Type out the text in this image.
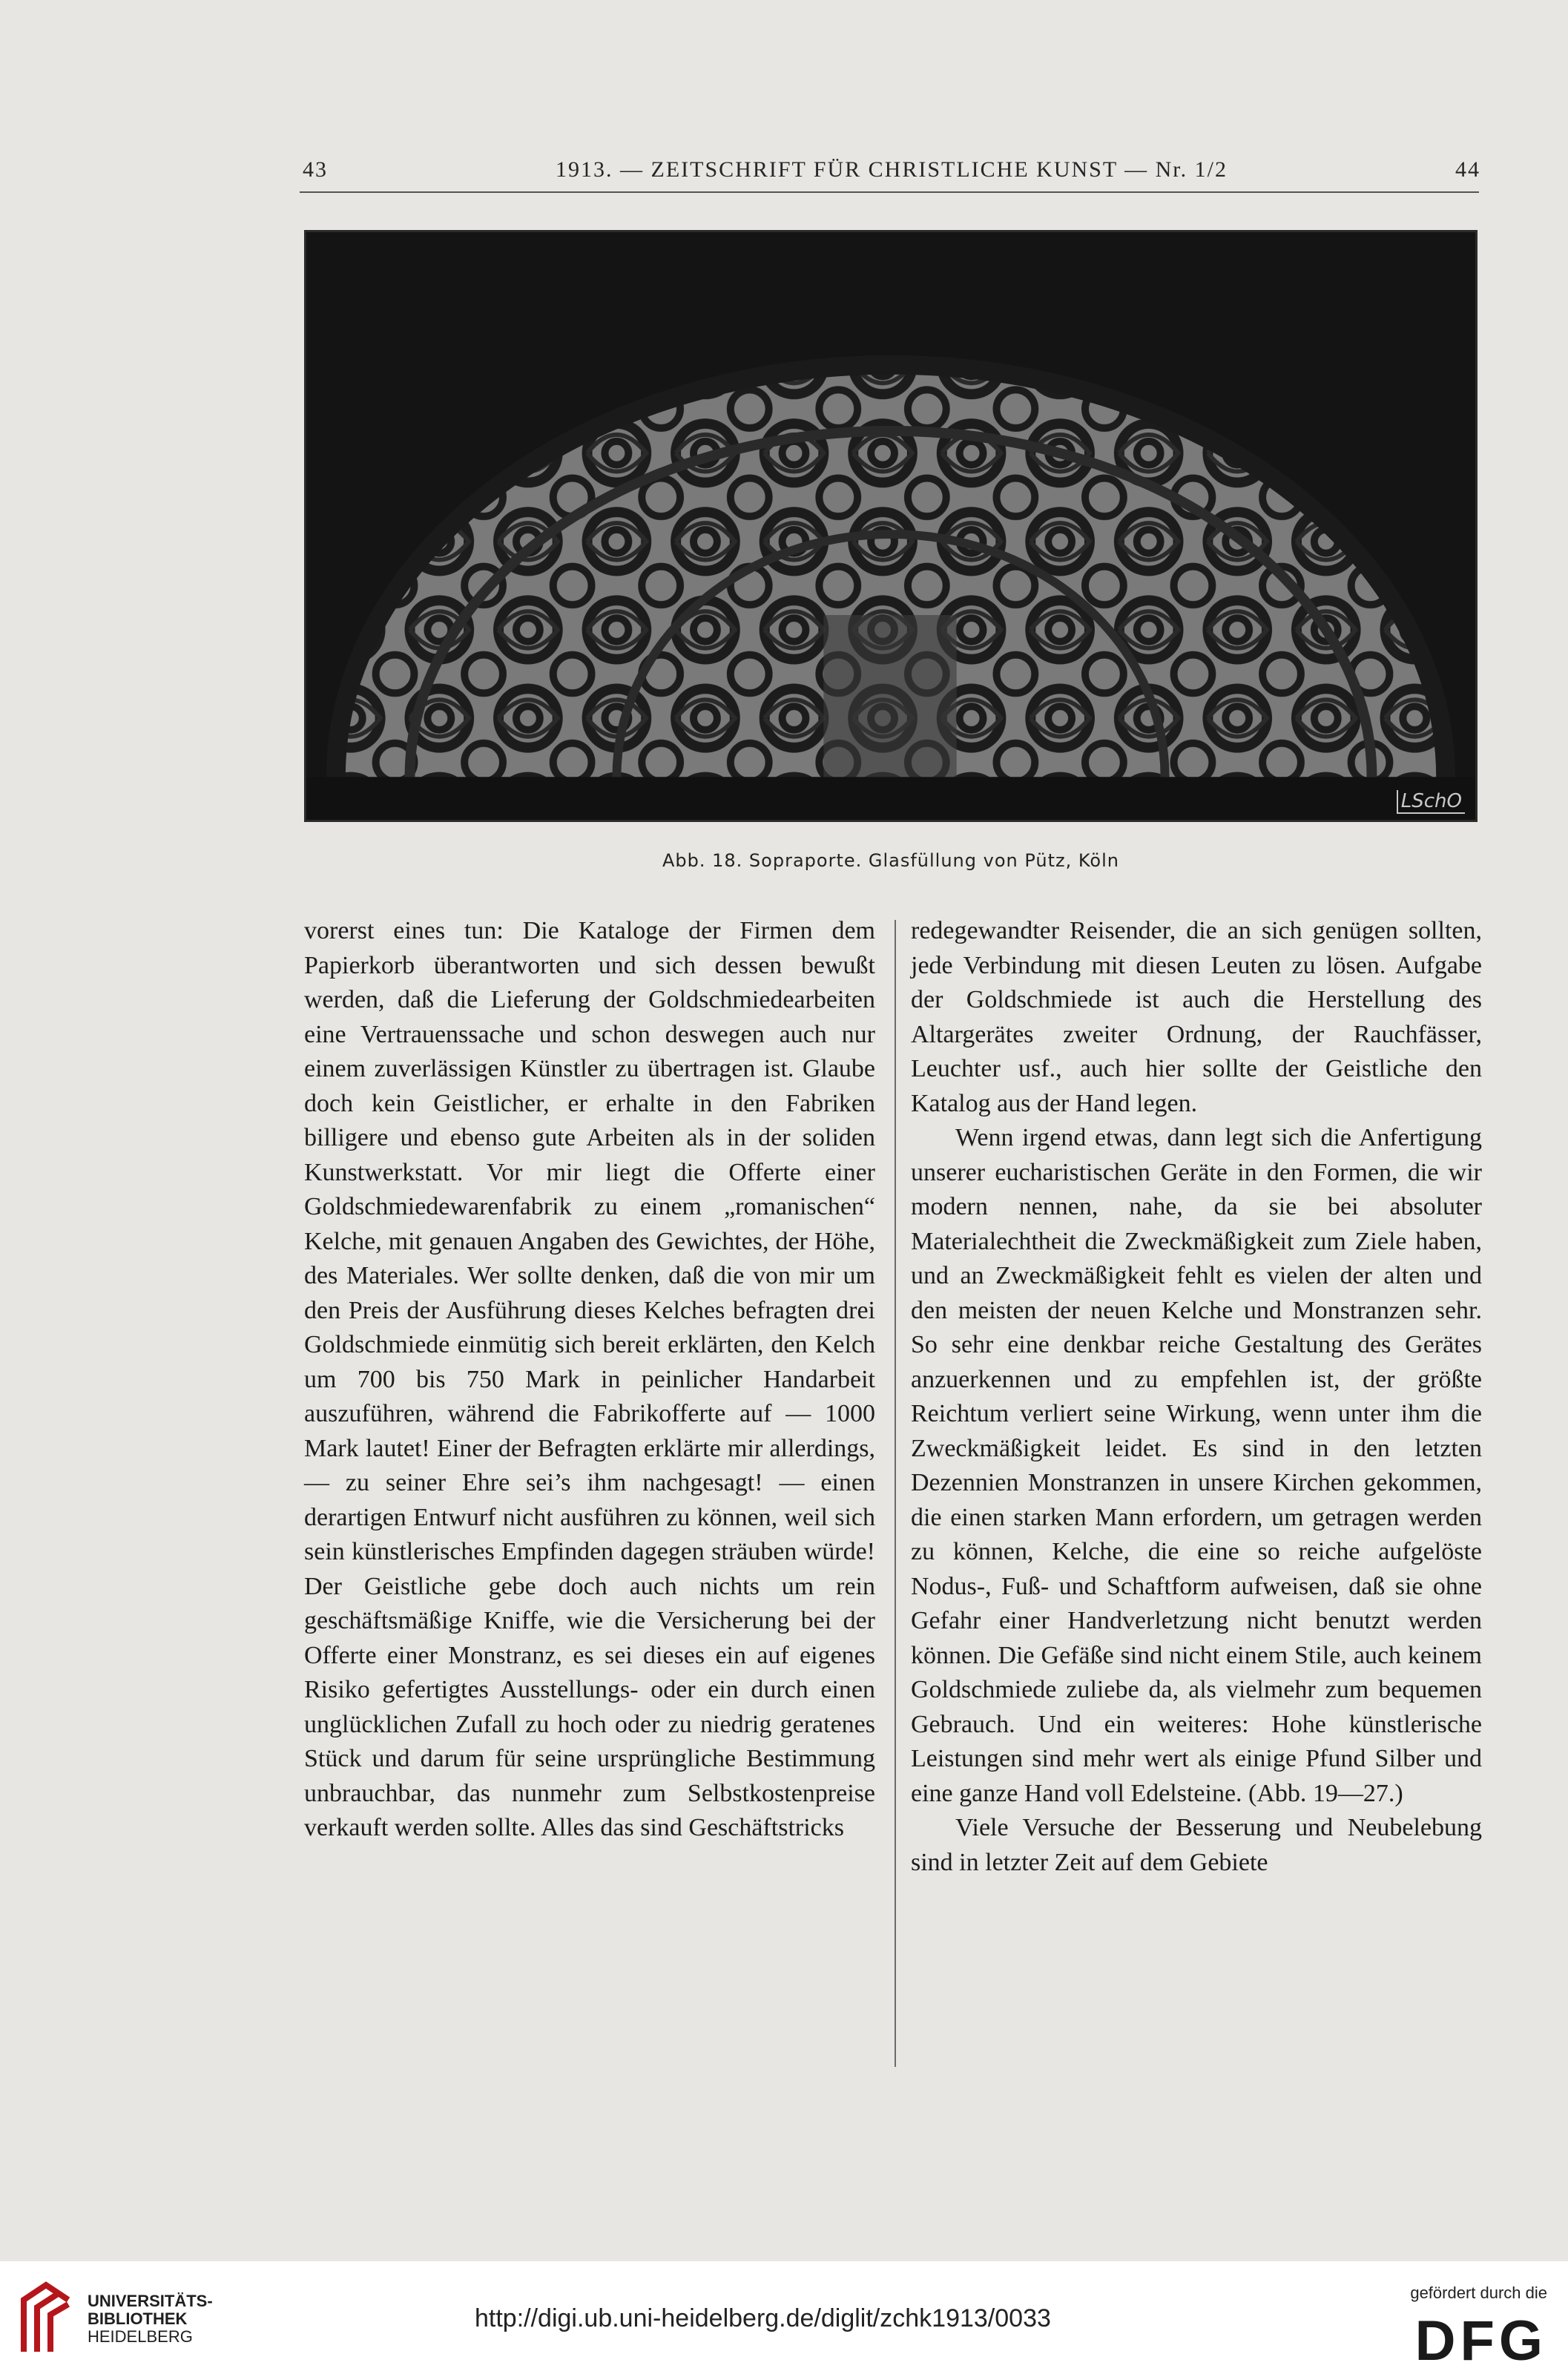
43	1913. — ZEITSCHRIFT FÜR CHRISTLICHE KUNST — Nr. 1/2	44
LSchO
Abb. 18. Sopraporte. Glasfüllung von Pütz, Köln

vorerst eines tun: Die Kataloge der Firmen dem Papierkorb überantworten und sich dessen bewußt werden, daß die Lieferung der Goldschmiedearbeiten eine Vertrauenssache und schon deswegen auch nur einem zuverlässigen Künstler zu übertragen ist. Glaube doch kein Geistlicher, er erhalte in den Fabriken billigere und ebenso gute Arbeiten als in der soliden Kunstwerkstatt. Vor mir liegt die Offerte einer Goldschmiedewarenfabrik zu einem „romanischen“ Kelche, mit genauen Angaben des Gewichtes, der Höhe, des Materiales. Wer sollte denken, daß die von mir um den Preis der Ausführung dieses Kelches befragten drei Goldschmiede einmütig sich bereit erklärten, den Kelch um 700 bis 750 Mark in peinlicher Handarbeit auszuführen, während die Fabrikofferte auf — 1000 Mark lautet! Einer der Befragten erklärte mir allerdings, — zu seiner Ehre sei’s ihm nachgesagt! — einen derartigen Entwurf nicht ausführen zu können, weil sich sein künstlerisches Empfinden dagegen sträuben würde! Der Geistliche gebe doch auch nichts um rein geschäftsmäßige Kniffe, wie die Versicherung bei der Offerte einer Monstranz, es sei dieses ein auf eigenes Risiko gefertigtes Ausstellungs- oder ein durch einen unglücklichen Zufall zu hoch oder zu niedrig geratenes Stück und darum für seine ursprüngliche Bestimmung unbrauchbar, das nunmehr zum Selbstkostenpreise verkauft werden sollte. Alles das sind Geschäftstricks

redegewandter Reisender, die an sich genügen sollten, jede Verbindung mit diesen Leuten zu lösen. Aufgabe der Goldschmiede ist auch die Herstellung des Altargerätes zweiter Ordnung, der Rauchfässer, Leuchter usf., auch hier sollte der Geistliche den Katalog aus der Hand legen.

Wenn irgend etwas, dann legt sich die Anfertigung unserer eucharistischen Geräte in den Formen, die wir modern nennen, nahe, da sie bei absoluter Materialechtheit die Zweckmäßigkeit zum Ziele haben, und an Zweckmäßigkeit fehlt es vielen der alten und den meisten der neuen Kelche und Monstranzen sehr. So sehr eine denkbar reiche Gestaltung des Gerätes anzuerkennen und zu empfehlen ist, der größte Reichtum verliert seine Wirkung, wenn unter ihm die Zweckmäßigkeit leidet. Es sind in den letzten Dezennien Monstranzen in unsere Kirchen gekommen, die einen starken Mann erfordern, um getragen werden zu können, Kelche, die eine so reiche aufgelöste Nodus-, Fuß- und Schaftform aufweisen, daß sie ohne Gefahr einer Handverletzung nicht benutzt werden können. Die Gefäße sind nicht einem Stile, auch keinem Goldschmiede zuliebe da, als vielmehr zum bequemen Gebrauch. Und ein weiteres: Hohe künstlerische Leistungen sind mehr wert als einige Pfund Silber und eine ganze Hand voll Edelsteine. (Abb. 19—27.)

Viele Versuche der Besserung und Neubelebung sind in letzter Zeit auf dem Gebiete

UNIVERSITÄTS-
BIBLIOTHEK
HEIDELBERG
http://digi.ub.uni-heidelberg.de/diglit/zchk1913/0033
gefördert durch die
DFG
